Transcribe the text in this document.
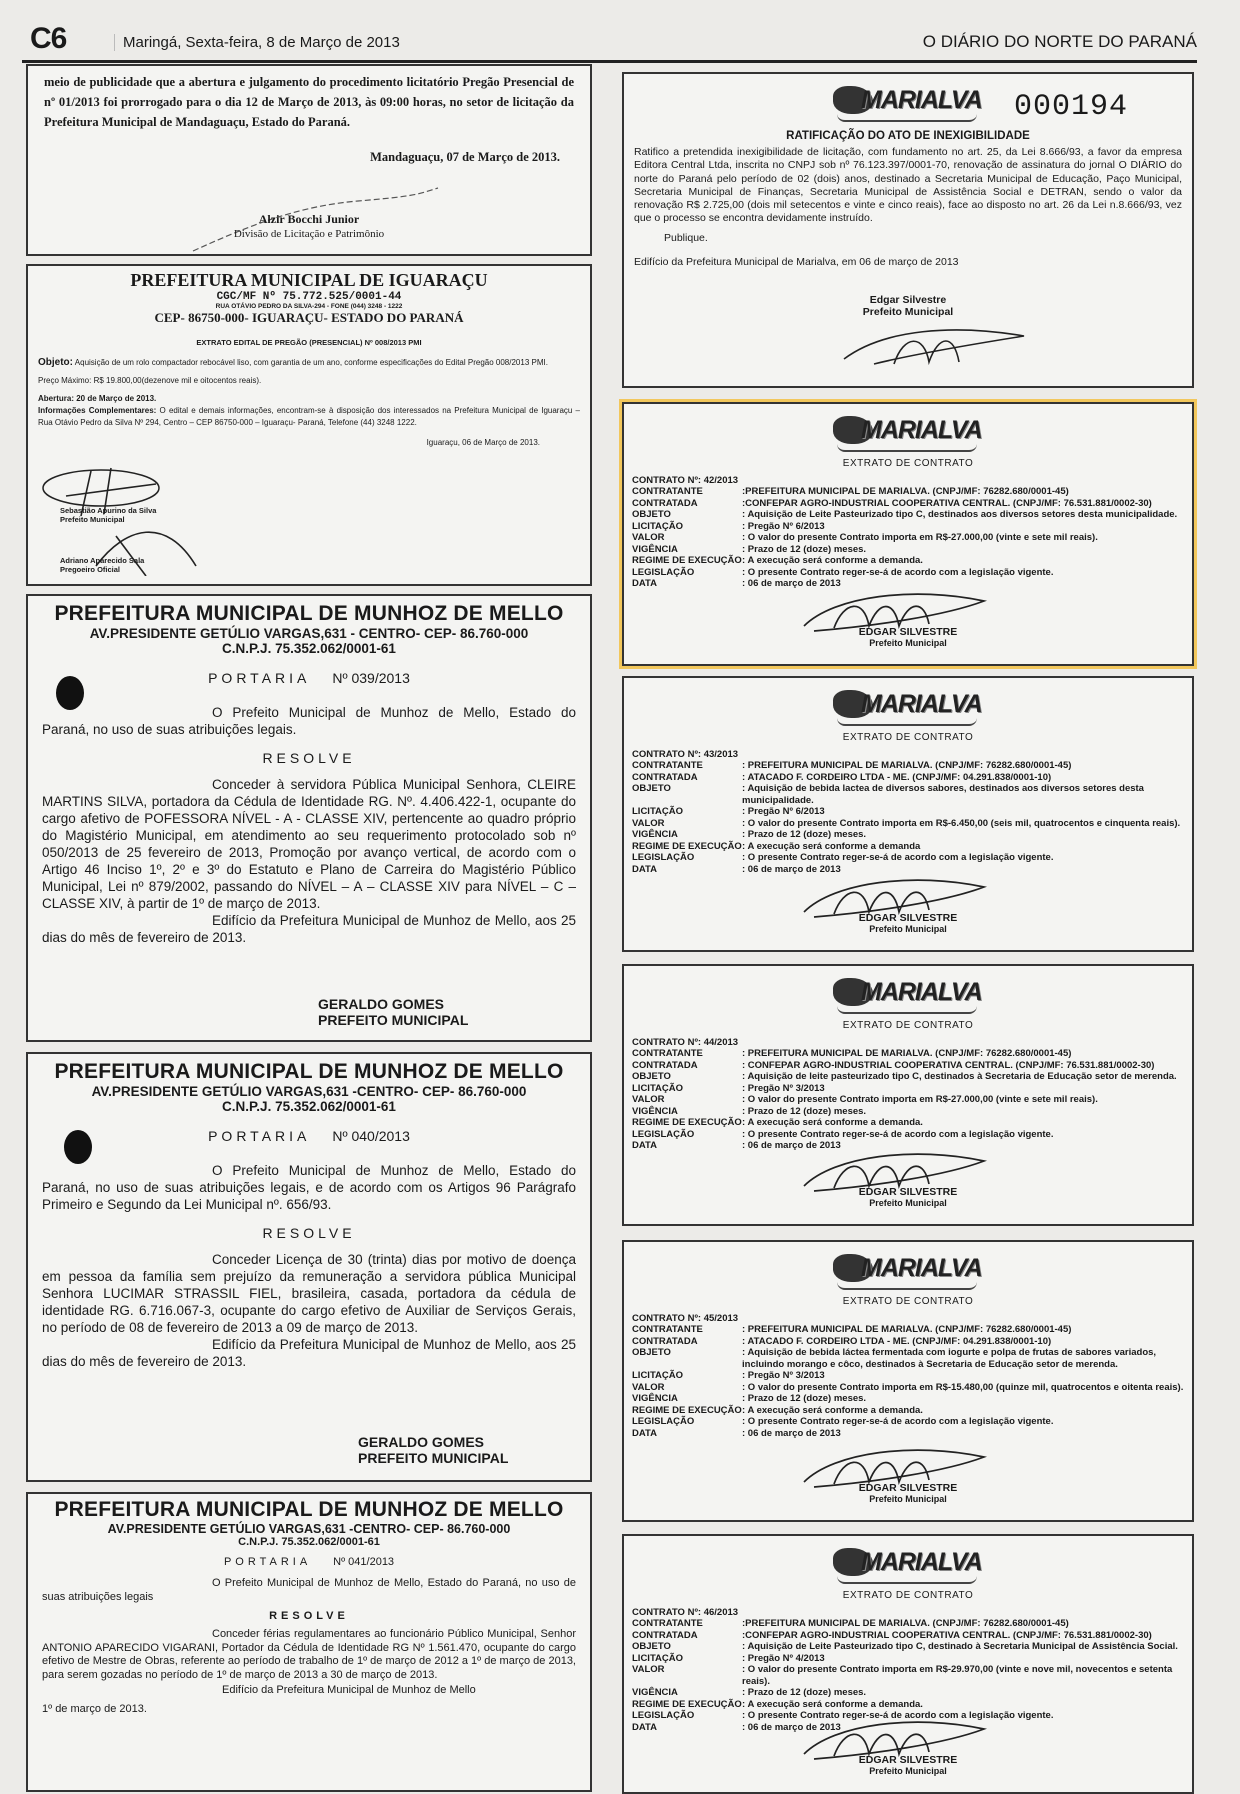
C6	Maringá, Sexta-feira, 8 de Março de 2013	O DIÁRIO DO NORTE DO PARANÁ

meio de publicidade que a abertura e julgamento do procedimento licitatório Pregão Presencial de nº 01/2013 foi prorrogado para o dia 12 de Março de 2013, às 09:00 horas, no setor de licitação da Prefeitura Municipal de Mandaguaçu, Estado do Paraná.

Mandaguaçu, 07 de Março de 2013.
Alzir Bocchi Junior
Divisão de Licitação e Patrimônio
PREFEITURA MUNICIPAL DE IGUARAÇU
CGC/MF Nº 75.772.525/0001-44
RUA OTÁVIO PEDRO DA SILVA-294 - FONE (044) 3248 - 1222
CEP- 86750-000- IGUARAÇU- ESTADO DO PARANÁ
EXTRATO EDITAL DE PREGÃO (PRESENCIAL) Nº 008/2013 PMI
Objeto: Aquisição de um rolo compactador rebocável liso, com garantia de um ano, conforme especificações do Edital Pregão 008/2013 PMI.
Preço Máximo: R$ 19.800,00(dezenove mil e oitocentos reais).
Abertura: 20 de Março de 2013.
Informações Complementares: O edital e demais informações, encontram-se à disposição dos interessados na Prefeitura Municipal de Iguaraçu – Rua Otávio Pedro da Silva Nº 294, Centro – CEP 86750-000 – Iguaraçu- Paraná, Telefone (44) 3248 1222.
Iguaraçu, 06 de Março de 2013.
Sebastião Apurino da Silva
Prefeito Municipal
Adriano Aparecido Sala
Pregoeiro Oficial
PREFEITURA MUNICIPAL DE MUNHOZ DE MELLO
AV.PRESIDENTE GETÚLIO VARGAS,631 - CENTRO- CEP- 86.760-000
C.N.P.J. 75.352.062/0001-61
PORTARIA Nº 039/2013

O Prefeito Municipal de Munhoz de Mello, Estado do Paraná, no uso de suas atribuições legais.

RESOLVE

Conceder à servidora Pública Municipal Senhora, CLEIRE MARTINS SILVA, portadora da Cédula de Identidade RG. Nº. 4.406.422-1, ocupante do cargo afetivo de POFESSORA NÍVEL - A - CLASSE XIV, pertencente ao quadro próprio do Magistério Municipal, em atendimento ao seu requerimento protocolado sob nº 050/2013 de 25 fevereiro de 2013, Promoção por avanço vertical, de acordo com o Artigo 46 Inciso 1º, 2º e 3º do Estatuto e Plano de Carreira do Magistério Público Municipal, Lei nº 879/2002, passando do NÍVEL – A – CLASSE XIV para NÍVEL – C – CLASSE XIV, à partir de 1º de março de 2013.

Edifício da Prefeitura Municipal de Munhoz de Mello, aos 25 dias do mês de fevereiro de 2013.

GERALDO GOMES
PREFEITO MUNICIPAL
PREFEITURA MUNICIPAL DE MUNHOZ DE MELLO
AV.PRESIDENTE GETÚLIO VARGAS,631 -CENTRO- CEP- 86.760-000
C.N.P.J. 75.352.062/0001-61
PORTARIA Nº 040/2013

O Prefeito Municipal de Munhoz de Mello, Estado do Paraná, no uso de suas atribuições legais, e de acordo com os Artigos 96 Parágrafo Primeiro e Segundo da Lei Municipal nº. 656/93.

RESOLVE

Conceder Licença de 30 (trinta) dias por motivo de doença em pessoa da família sem prejuízo da remuneração a servidora pública Municipal Senhora LUCIMAR STRASSIL FIEL, brasileira, casada, portadora da cédula de identidade RG. 6.716.067-3, ocupante do cargo efetivo de Auxiliar de Serviços Gerais, no período de 08 de fevereiro de 2013 a 09 de março de 2013.

Edifício da Prefeitura Municipal de Munhoz de Mello, aos 25 dias do mês de fevereiro de 2013.

GERALDO GOMES
PREFEITO MUNICIPAL
PREFEITURA MUNICIPAL DE MUNHOZ DE MELLO
AV.PRESIDENTE GETÚLIO VARGAS,631 -CENTRO- CEP- 86.760-000
C.N.P.J. 75.352.062/0001-61
PORTARIA Nº 041/2013

O Prefeito Municipal de Munhoz de Mello, Estado do Paraná, no uso de suas atribuições legais

RESOLVE

Conceder férias regulamentares ao funcionário Público Municipal, Senhor ANTONIO APARECIDO VIGARANI, Portador da Cédula de Identidade RG Nº 1.561.470, ocupante do cargo efetivo de Mestre de Obras, referente ao período de trabalho de 1º de março de 2012 a 1º de março de 2013, para serem gozadas no período de 1º de março de 2013 a 30 de março de 2013.

Edifício da Prefeitura Municipal de Munhoz de Mello

1º de março de 2013.

MARIALVA 000194
RATIFICAÇÃO DO ATO DE INEXIGIBILIDADE

Ratifico a pretendida inexigibilidade de licitação, com fundamento no art. 25, da Lei 8.666/93, a favor da empresa Editora Central Ltda, inscrita no CNPJ sob nº 76.123.397/0001-70, renovação de assinatura do jornal O DIÁRIO do norte do Paraná pelo período de 02 (dois) anos, destinado a Secretaria Municipal de Educação, Paço Municipal, Secretaria Municipal de Finanças, Secretaria Municipal de Assistência Social e DETRAN, sendo o valor da renovação R$ 2.725,00 (dois mil setecentos e vinte e cinco reais), face ao disposto no art. 26 da Lei n.8.666/93, vez que o processo se encontra devidamente instruído.

Publique.
Edifício da Prefeitura Municipal de Marialva, em 06 de março de 2013
Edgar Silvestre
Prefeito Municipal
MARIALVA
EXTRATO DE CONTRATO
CONTRATO Nº: 42/2013
CONTRATANTE	:PREFEITURA MUNICIPAL DE MARIALVA. (CNPJ/MF: 76282.680/0001-45)
CONTRATADA	:CONFEPAR AGRO-INDUSTRIAL COOPERATIVA CENTRAL. (CNPJ/MF: 76.531.881/0002-30)
OBJETO	: Aquisição de Leite Pasteurizado tipo C, destinados aos diversos setores desta municipalidade.
LICITAÇÃO	: Pregão Nº 6/2013
VALOR	: O valor do presente Contrato importa em R$-27.000,00 (vinte e sete mil reais).
VIGÊNCIA	: Prazo de 12 (doze) meses.
REGIME DE EXECUÇÃO : A execução será conforme a demanda.
LEGISLAÇÃO	: O presente Contrato reger-se-á de acordo com a legislação vigente.
DATA	: 06 de março de 2013
EDGAR SILVESTRE
Prefeito Municipal
MARIALVA
EXTRATO DE CONTRATO
CONTRATO Nº: 43/2013
CONTRATANTE	: PREFEITURA MUNICIPAL DE MARIALVA. (CNPJ/MF: 76282.680/0001-45)
CONTRATADA	: ATACADO F. CORDEIRO LTDA - ME. (CNPJ/MF: 04.291.838/0001-10)
OBJETO	: Aquisição de bebida lactea de diversos sabores, destinados aos diversos setores desta municipalidade.
LICITAÇÃO	: Pregão Nº 6/2013
VALOR	: O valor do presente Contrato importa em R$-6.450,00 (seis mil, quatrocentos e cinquenta reais).
VIGÊNCIA	: Prazo de 12 (doze) meses.
REGIME DE EXECUÇÃO : A execução será conforme a demanda
LEGISLAÇÃO	: O presente Contrato reger-se-á de acordo com a legislação vigente.
DATA	: 06 de março de 2013
EDGAR SILVESTRE
Prefeito Municipal
MARIALVA
EXTRATO DE CONTRATO
CONTRATO Nº: 44/2013
CONTRATANTE	: PREFEITURA MUNICIPAL DE MARIALVA. (CNPJ/MF: 76282.680/0001-45)
CONTRATADA	: CONFEPAR AGRO-INDUSTRIAL COOPERATIVA CENTRAL. (CNPJ/MF: 76.531.881/0002-30)
OBJETO	: Aquisição de leite pasteurizado tipo C, destinados à Secretaria de Educação setor de merenda.
LICITAÇÃO	: Pregão Nº 3/2013
VALOR	: O valor do presente Contrato importa em R$-27.000,00 (vinte e sete mil reais).
VIGÊNCIA	: Prazo de 12 (doze) meses.
REGIME DE EXECUÇÃO : A execução será conforme a demanda.
LEGISLAÇÃO	: O presente Contrato reger-se-á de acordo com a legislação vigente.
DATA	: 06 de março de 2013
EDGAR SILVESTRE
Prefeito Municipal
MARIALVA
EXTRATO DE CONTRATO
CONTRATO Nº: 45/2013
CONTRATANTE	: PREFEITURA MUNICIPAL DE MARIALVA. (CNPJ/MF: 76282.680/0001-45)
CONTRATADA	: ATACADO F. CORDEIRO LTDA - ME. (CNPJ/MF: 04.291.838/0001-10)
OBJETO	: Aquisição de bebida láctea fermentada com iogurte e polpa de frutas de sabores variados, incluindo morango e côco, destinados à Secretaria de Educação setor de merenda.
LICITAÇÃO	: Pregão Nº 3/2013
VALOR	: O valor do presente Contrato importa em R$-15.480,00 (quinze mil, quatrocentos e oitenta reais).
VIGÊNCIA	: Prazo de 12 (doze) meses.
REGIME DE EXECUÇÃO : A execução será conforme a demanda.
LEGISLAÇÃO	: O presente Contrato reger-se-á de acordo com a legislação vigente.
DATA	: 06 de março de 2013
EDGAR SILVESTRE
Prefeito Municipal
MARIALVA
EXTRATO DE CONTRATO
CONTRATO Nº: 46/2013
CONTRATANTE	:PREFEITURA MUNICIPAL DE MARIALVA. (CNPJ/MF: 76282.680/0001-45)
CONTRATADA	:CONFEPAR AGRO-INDUSTRIAL COOPERATIVA CENTRAL. (CNPJ/MF: 76.531.881/0002-30)
OBJETO	: Aquisição de Leite Pasteurizado tipo C, destinado à Secretaria Municipal de Assistência Social.
LICITAÇÃO	: Pregão Nº 4/2013
VALOR	: O valor do presente Contrato importa em R$-29.970,00 (vinte e nove mil, novecentos e setenta reais).
VIGÊNCIA	: Prazo de 12 (doze) meses.
REGIME DE EXECUÇÃO : A execução será conforme a demanda.
LEGISLAÇÃO	: O presente Contrato reger-se-á de acordo com a legislação vigente.
DATA	: 06 de março de 2013
EDGAR SILVESTRE
Prefeito Municipal
